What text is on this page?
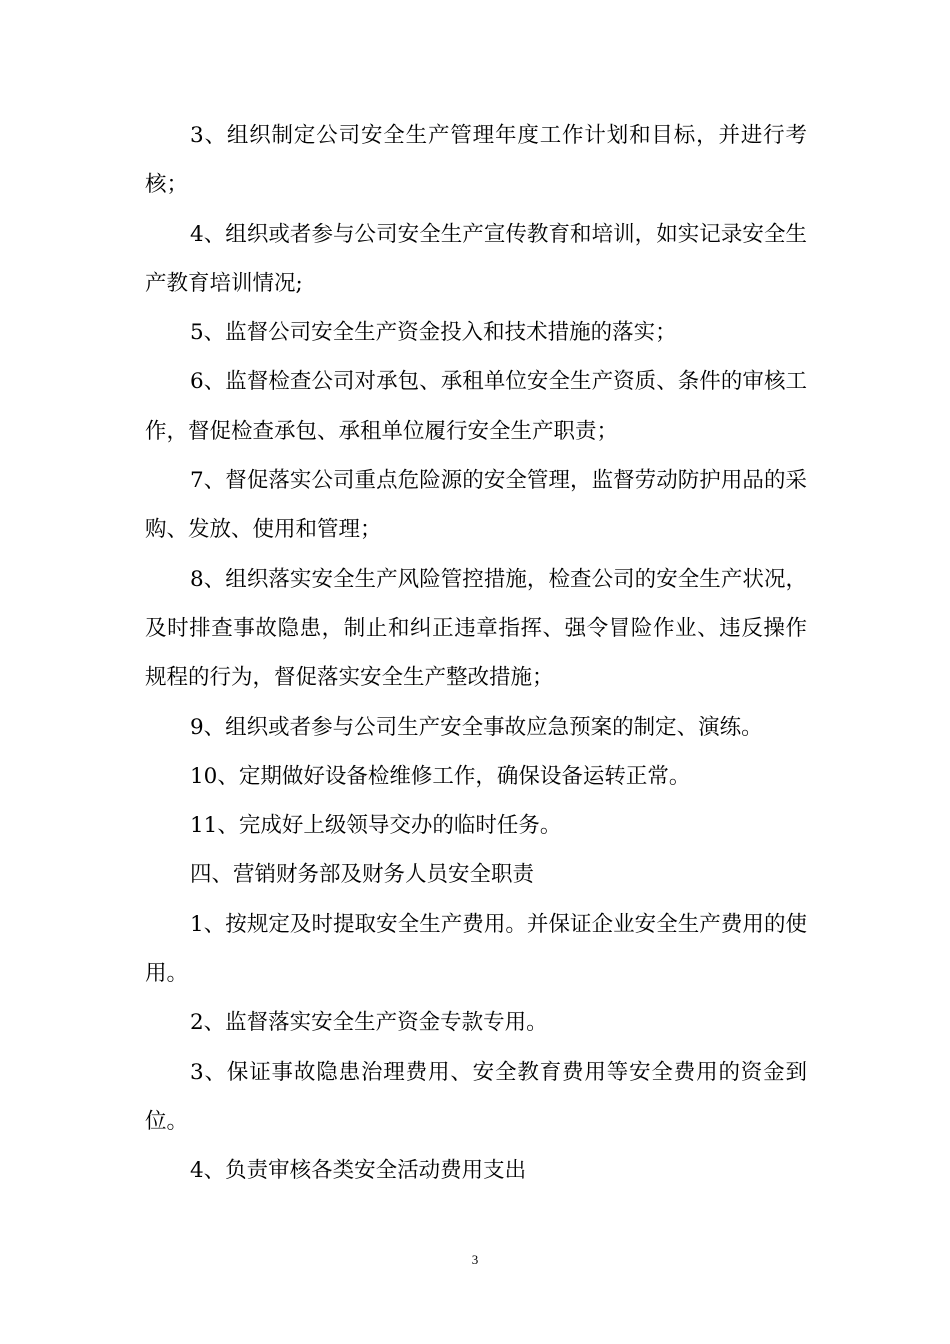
3、组织制定公司安全生产管理年度工作计划和目标，并进行考核；

4、组织或者参与公司安全生产宣传教育和培训，如实记录安全生产教育培训情况;

5、监督公司安全生产资金投入和技术措施的落实；

6、监督检查公司对承包、承租单位安全生产资质、条件的审核工作，督促检查承包、承租单位履行安全生产职责；

7、督促落实公司重点危险源的安全管理，监督劳动防护用品的采购、发放、使用和管理；

8、组织落实安全生产风险管控措施，检查公司的安全生产状况，及时排查事故隐患，制止和纠正违章指挥、强令冒险作业、违反操作规程的行为，督促落实安全生产整改措施；

9、组织或者参与公司生产安全事故应急预案的制定、演练。

10、定期做好设备检维修工作，确保设备运转正常。

11、完成好上级领导交办的临时任务。

四、营销财务部及财务人员安全职责

1、按规定及时提取安全生产费用。并保证企业安全生产费用的使用。

2、监督落实安全生产资金专款专用。

3、保证事故隐患治理费用、安全教育费用等安全费用的资金到位。

4、负责审核各类安全活动费用支出

3
